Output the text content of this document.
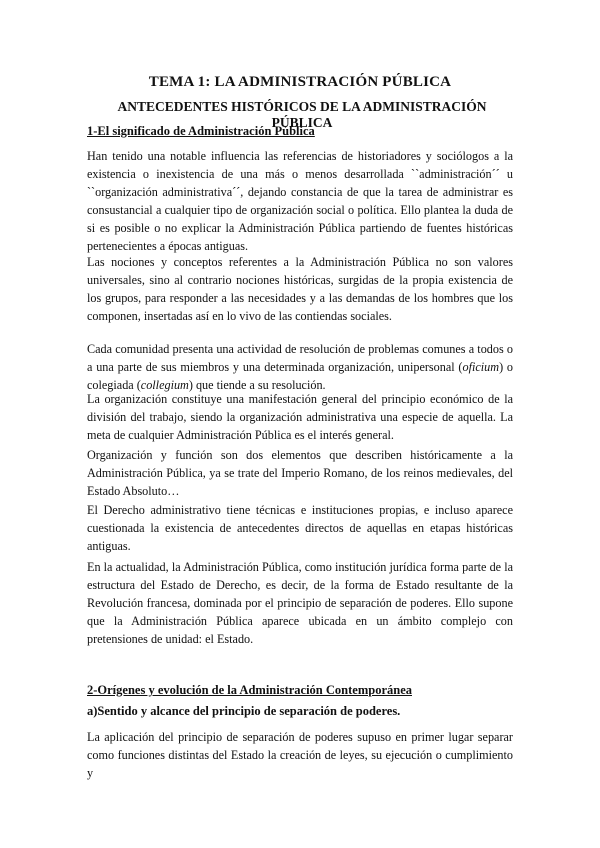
TEMA 1: LA ADMINISTRACIÓN PÚBLICA
ANTECEDENTES HISTÓRICOS DE LA ADMINISTRACIÓN PÚBLICA
1-El significado de Administración Pública
Han tenido una notable influencia las referencias de historiadores y sociólogos a la existencia o inexistencia de una más o menos desarrollada ``administración´´ u ``organización administrativa´´, dejando constancia de que la tarea de administrar es consustancial a cualquier tipo de organización social o política. Ello plantea la duda de si es posible o no explicar la Administración Pública partiendo de fuentes históricas pertenecientes a épocas antiguas.
Las nociones y conceptos referentes a la Administración Pública no son valores universales, sino al contrario nociones históricas, surgidas de la propia existencia de los grupos, para responder a las necesidades y a las demandas de los hombres que los componen, insertadas así en lo vivo de las contiendas sociales.
Cada comunidad presenta una actividad de resolución de problemas comunes a todos o a una parte de sus miembros y una determinada organización, unipersonal (oficium) o colegiada (collegium) que tiende a su resolución.
La organización constituye una manifestación general del principio económico de la división del trabajo, siendo la organización administrativa una especie de aquella. La meta de cualquier Administración Pública es el interés general.
Organización y función son dos elementos que describen históricamente a la Administración Pública, ya se trate del Imperio Romano, de los reinos medievales, del Estado Absoluto…
El Derecho administrativo tiene técnicas e instituciones propias, e incluso aparece cuestionada la existencia de antecedentes directos de aquellas en etapas históricas antiguas.
En la actualidad, la Administración Pública, como institución jurídica forma parte de la estructura del Estado de Derecho, es decir, de la forma de Estado resultante de la Revolución francesa, dominada por el principio de separación de poderes. Ello supone que la Administración Pública aparece ubicada en un ámbito complejo con pretensiones de unidad: el Estado.
2-Orígenes y evolución de la Administración Contemporánea
a)Sentido y alcance del principio de separación de poderes.
La aplicación del principio de separación de poderes supuso en primer lugar separar como funciones distintas del Estado la creación de leyes, su ejecución o cumplimiento y
